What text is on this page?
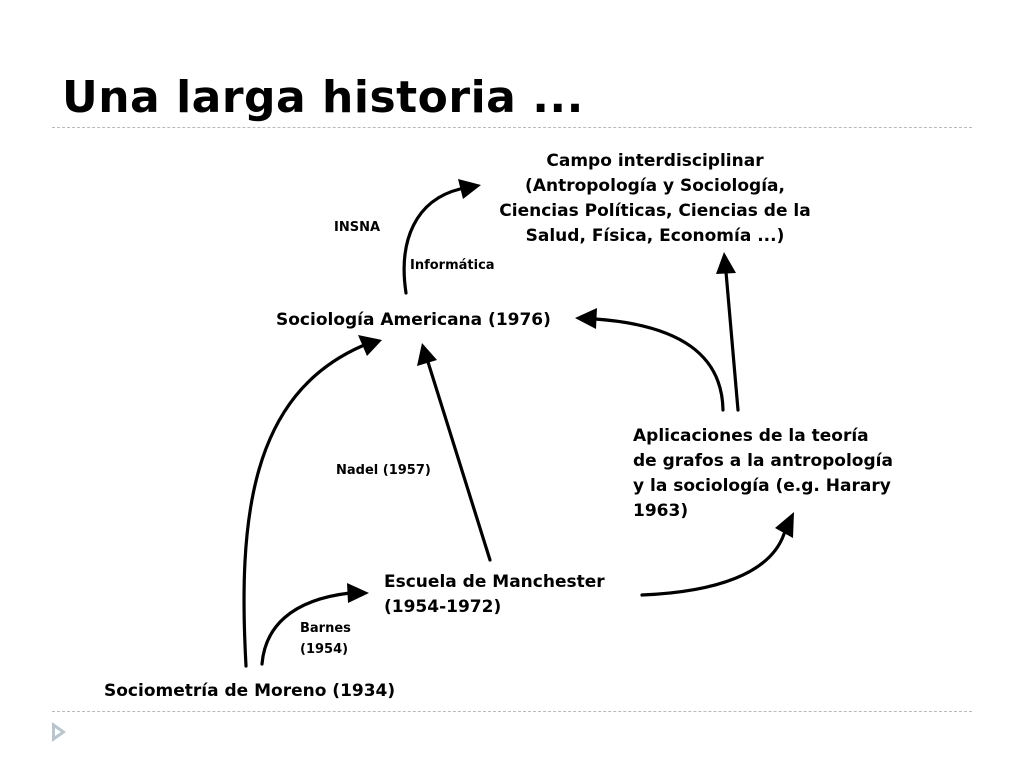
Una larga historia ...
Campo interdisciplinar
(Antropología y Sociología,
Ciencias Políticas, Ciencias de la
Salud, Física, Economía ...)
INSNA
Informática
Sociología Americana (1976)
Aplicaciones de la teoría
de grafos a la antropología
y la sociología (e.g. Harary
1963)
Nadel (1957)
Escuela de Manchester
(1954-1972)
Barnes
(1954)
Sociometría de Moreno (1934)
